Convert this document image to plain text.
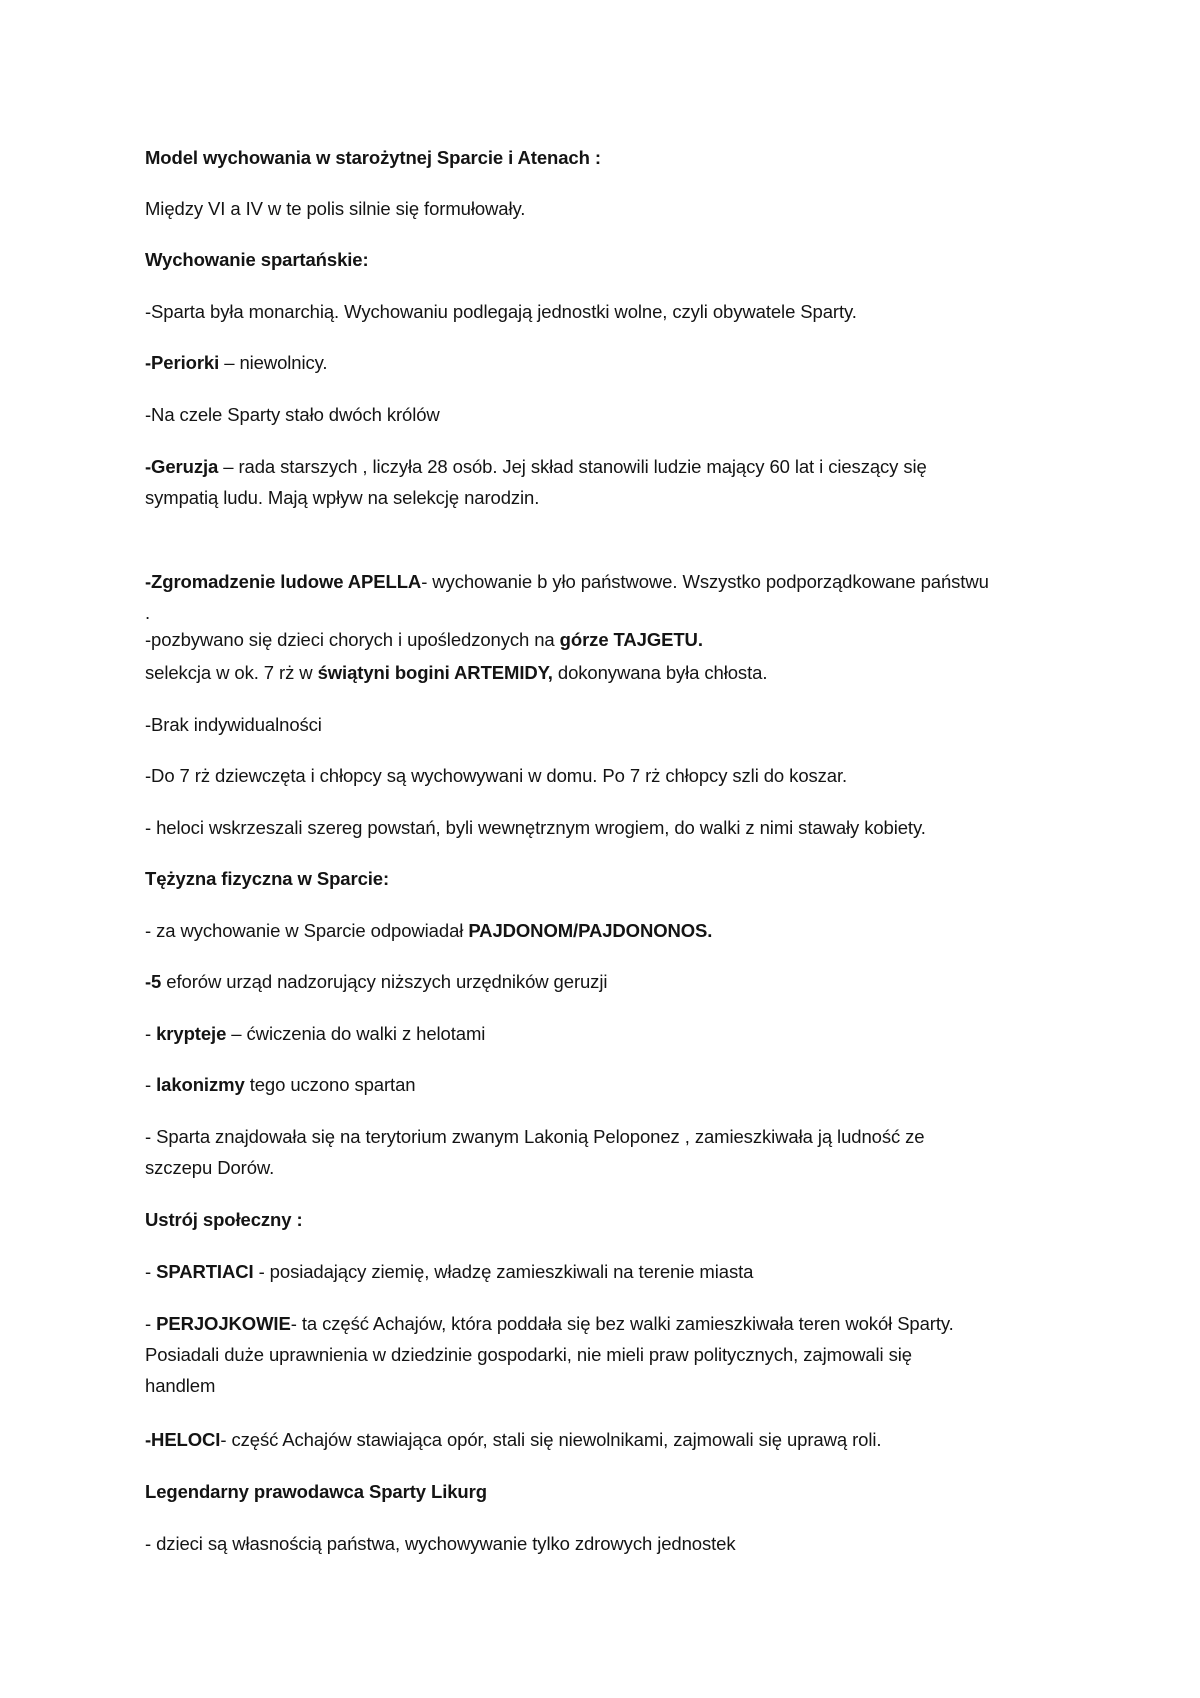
Model wychowania w starożytnej Sparcie i Atenach :
Między VI a IV w te polis silnie się formułowały.
Wychowanie spartańskie:
-Sparta była monarchią. Wychowaniu podlegają jednostki wolne, czyli obywatele Sparty.
-Periorki – niewolnicy.
-Na czele Sparty stało dwóch królów
-Geruzja – rada starszych , liczyła 28 osób. Jej skład stanowili ludzie mający 60 lat i cieszący się
sympatią ludu. Mają wpływ na selekcję narodzin.
-Zgromadzenie ludowe APELLA- wychowanie b yło państwowe. Wszystko podporządkowane państwu
.
-pozbywano się dzieci chorych i upośledzonych na górze TAJGETU.
selekcja w ok. 7 rż w świątyni bogini ARTEMIDY, dokonywana była chłosta.
-Brak indywidualności
-Do 7 rż dziewczęta i chłopcy są wychowywani w domu. Po 7 rż chłopcy szli do koszar.
- heloci wskrzeszali szereg powstań, byli wewnętrznym wrogiem, do walki z nimi stawały kobiety.
Tężyzna fizyczna w Sparcie:
- za wychowanie w Sparcie odpowiadał PAJDONOM/PAJDONONOS.
-5 eforów urząd nadzorujący niższych urzędników geruzji
- krypteje – ćwiczenia do walki z helotami
- lakonizmy tego uczono spartan
- Sparta znajdowała się na terytorium zwanym Lakonią Peloponez , zamieszkiwała ją ludność ze
szczepu Dorów.
Ustrój społeczny :
- SPARTIACI - posiadający ziemię, władzę zamieszkiwali na terenie miasta
- PERJOJKOWIE- ta część Achajów, która poddała się bez walki zamieszkiwała teren wokół Sparty.
Posiadali duże uprawnienia w dziedzinie gospodarki, nie mieli praw politycznych, zajmowali się
handlem
-HELOCI- część Achajów stawiająca opór, stali się niewolnikami, zajmowali się uprawą roli.
Legendarny prawodawca Sparty Likurg
- dzieci są własnością państwa, wychowywanie tylko zdrowych jednostek
